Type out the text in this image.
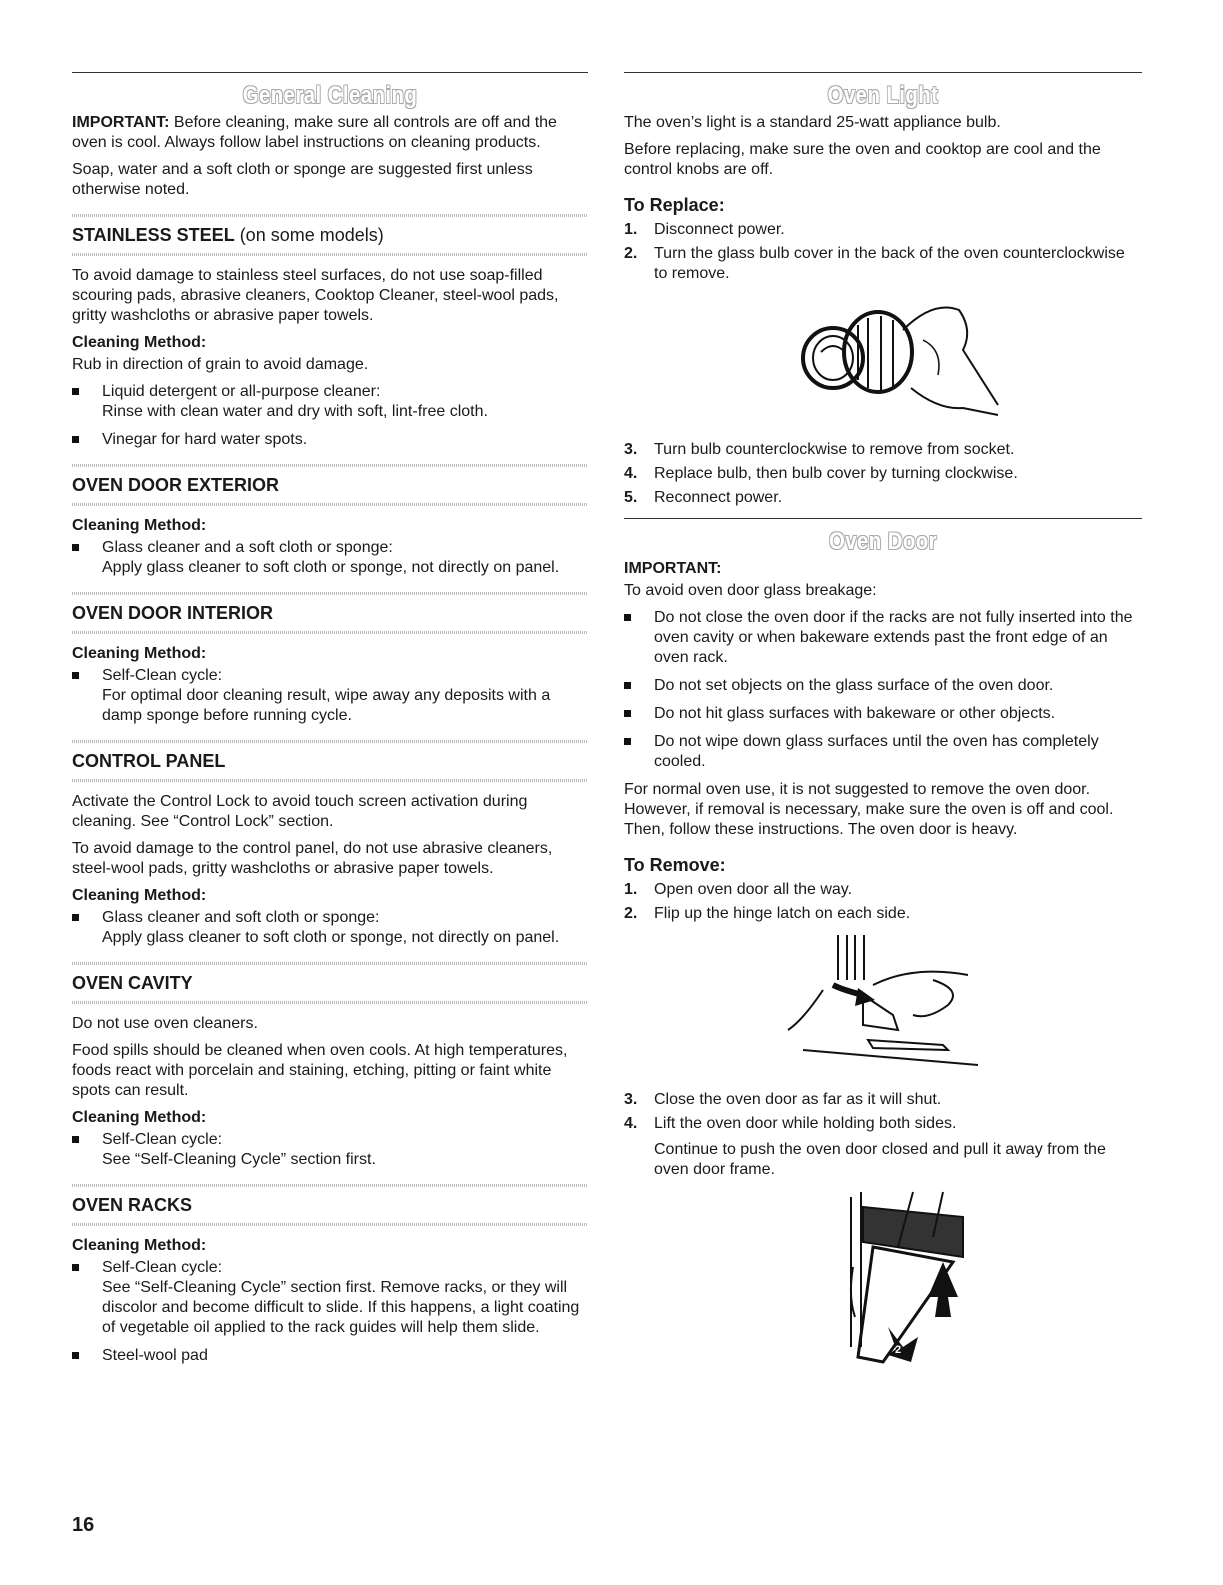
General Cleaning

IMPORTANT: Before cleaning, make sure all controls are off and the oven is cool. Always follow label instructions on cleaning products.

Soap, water and a soft cloth or sponge are suggested first unless otherwise noted.

STAINLESS STEEL (on some models)

To avoid damage to stainless steel surfaces, do not use soap-filled scouring pads, abrasive cleaners, Cooktop Cleaner, steel-wool pads, gritty washcloths or abrasive paper towels.

Cleaning Method:

Rub in direction of grain to avoid damage.

Liquid detergent or all-purpose cleaner:
Rinse with clean water and dry with soft, lint-free cloth.
Vinegar for hard water spots.
OVEN DOOR EXTERIOR
Cleaning Method:
Glass cleaner and a soft cloth or sponge:
Apply glass cleaner to soft cloth or sponge, not directly on panel.
OVEN DOOR INTERIOR
Cleaning Method:
Self-Clean cycle:
For optimal door cleaning result, wipe away any deposits with a damp sponge before running cycle.
CONTROL PANEL

Activate the Control Lock to avoid touch screen activation during cleaning. See “Control Lock” section.

To avoid damage to the control panel, do not use abrasive cleaners, steel-wool pads, gritty washcloths or abrasive paper towels.

Cleaning Method:
Glass cleaner and soft cloth or sponge:
Apply glass cleaner to soft cloth or sponge, not directly on panel.
OVEN CAVITY

Do not use oven cleaners.

Food spills should be cleaned when oven cools. At high temperatures, foods react with porcelain and staining, etching, pitting or faint white spots can result.

Cleaning Method:
Self-Clean cycle:
See “Self-Cleaning Cycle” section first.
OVEN RACKS
Cleaning Method:
Self-Clean cycle:
See “Self-Cleaning Cycle” section first. Remove racks, or they will discolor and become difficult to slide. If this happens, a light coating of vegetable oil applied to the rack guides will help them slide.
Steel-wool pad
Oven Light

The oven’s light is a standard 25-watt appliance bulb.

Before replacing, make sure the oven and cooktop are cool and the control knobs are off.

To Replace:
1. Disconnect power.
2. Turn the glass bulb cover in the back of the oven counterclockwise to remove.
3. Turn bulb counterclockwise to remove from socket.
4. Replace bulb, then bulb cover by turning clockwise.
5. Reconnect power.
Oven Door
IMPORTANT:

To avoid oven door glass breakage:

Do not close the oven door if the racks are not fully inserted into the oven cavity or when bakeware extends past the front edge of an oven rack.
Do not set objects on the glass surface of the oven door.
Do not hit glass surfaces with bakeware or other objects.
Do not wipe down glass surfaces until the oven has completely cooled.

For normal oven use, it is not suggested to remove the oven door. However, if removal is necessary, make sure the oven is off and cool. Then, follow these instructions. The oven door is heavy.

To Remove:
1. Open oven door all the way.
2. Flip up the hinge latch on each side.
3. Close the oven door as far as it will shut.
4. Lift the oven door while holding both sides.

Continue to push the oven door closed and pull it away from the oven door frame.

1
2
16
